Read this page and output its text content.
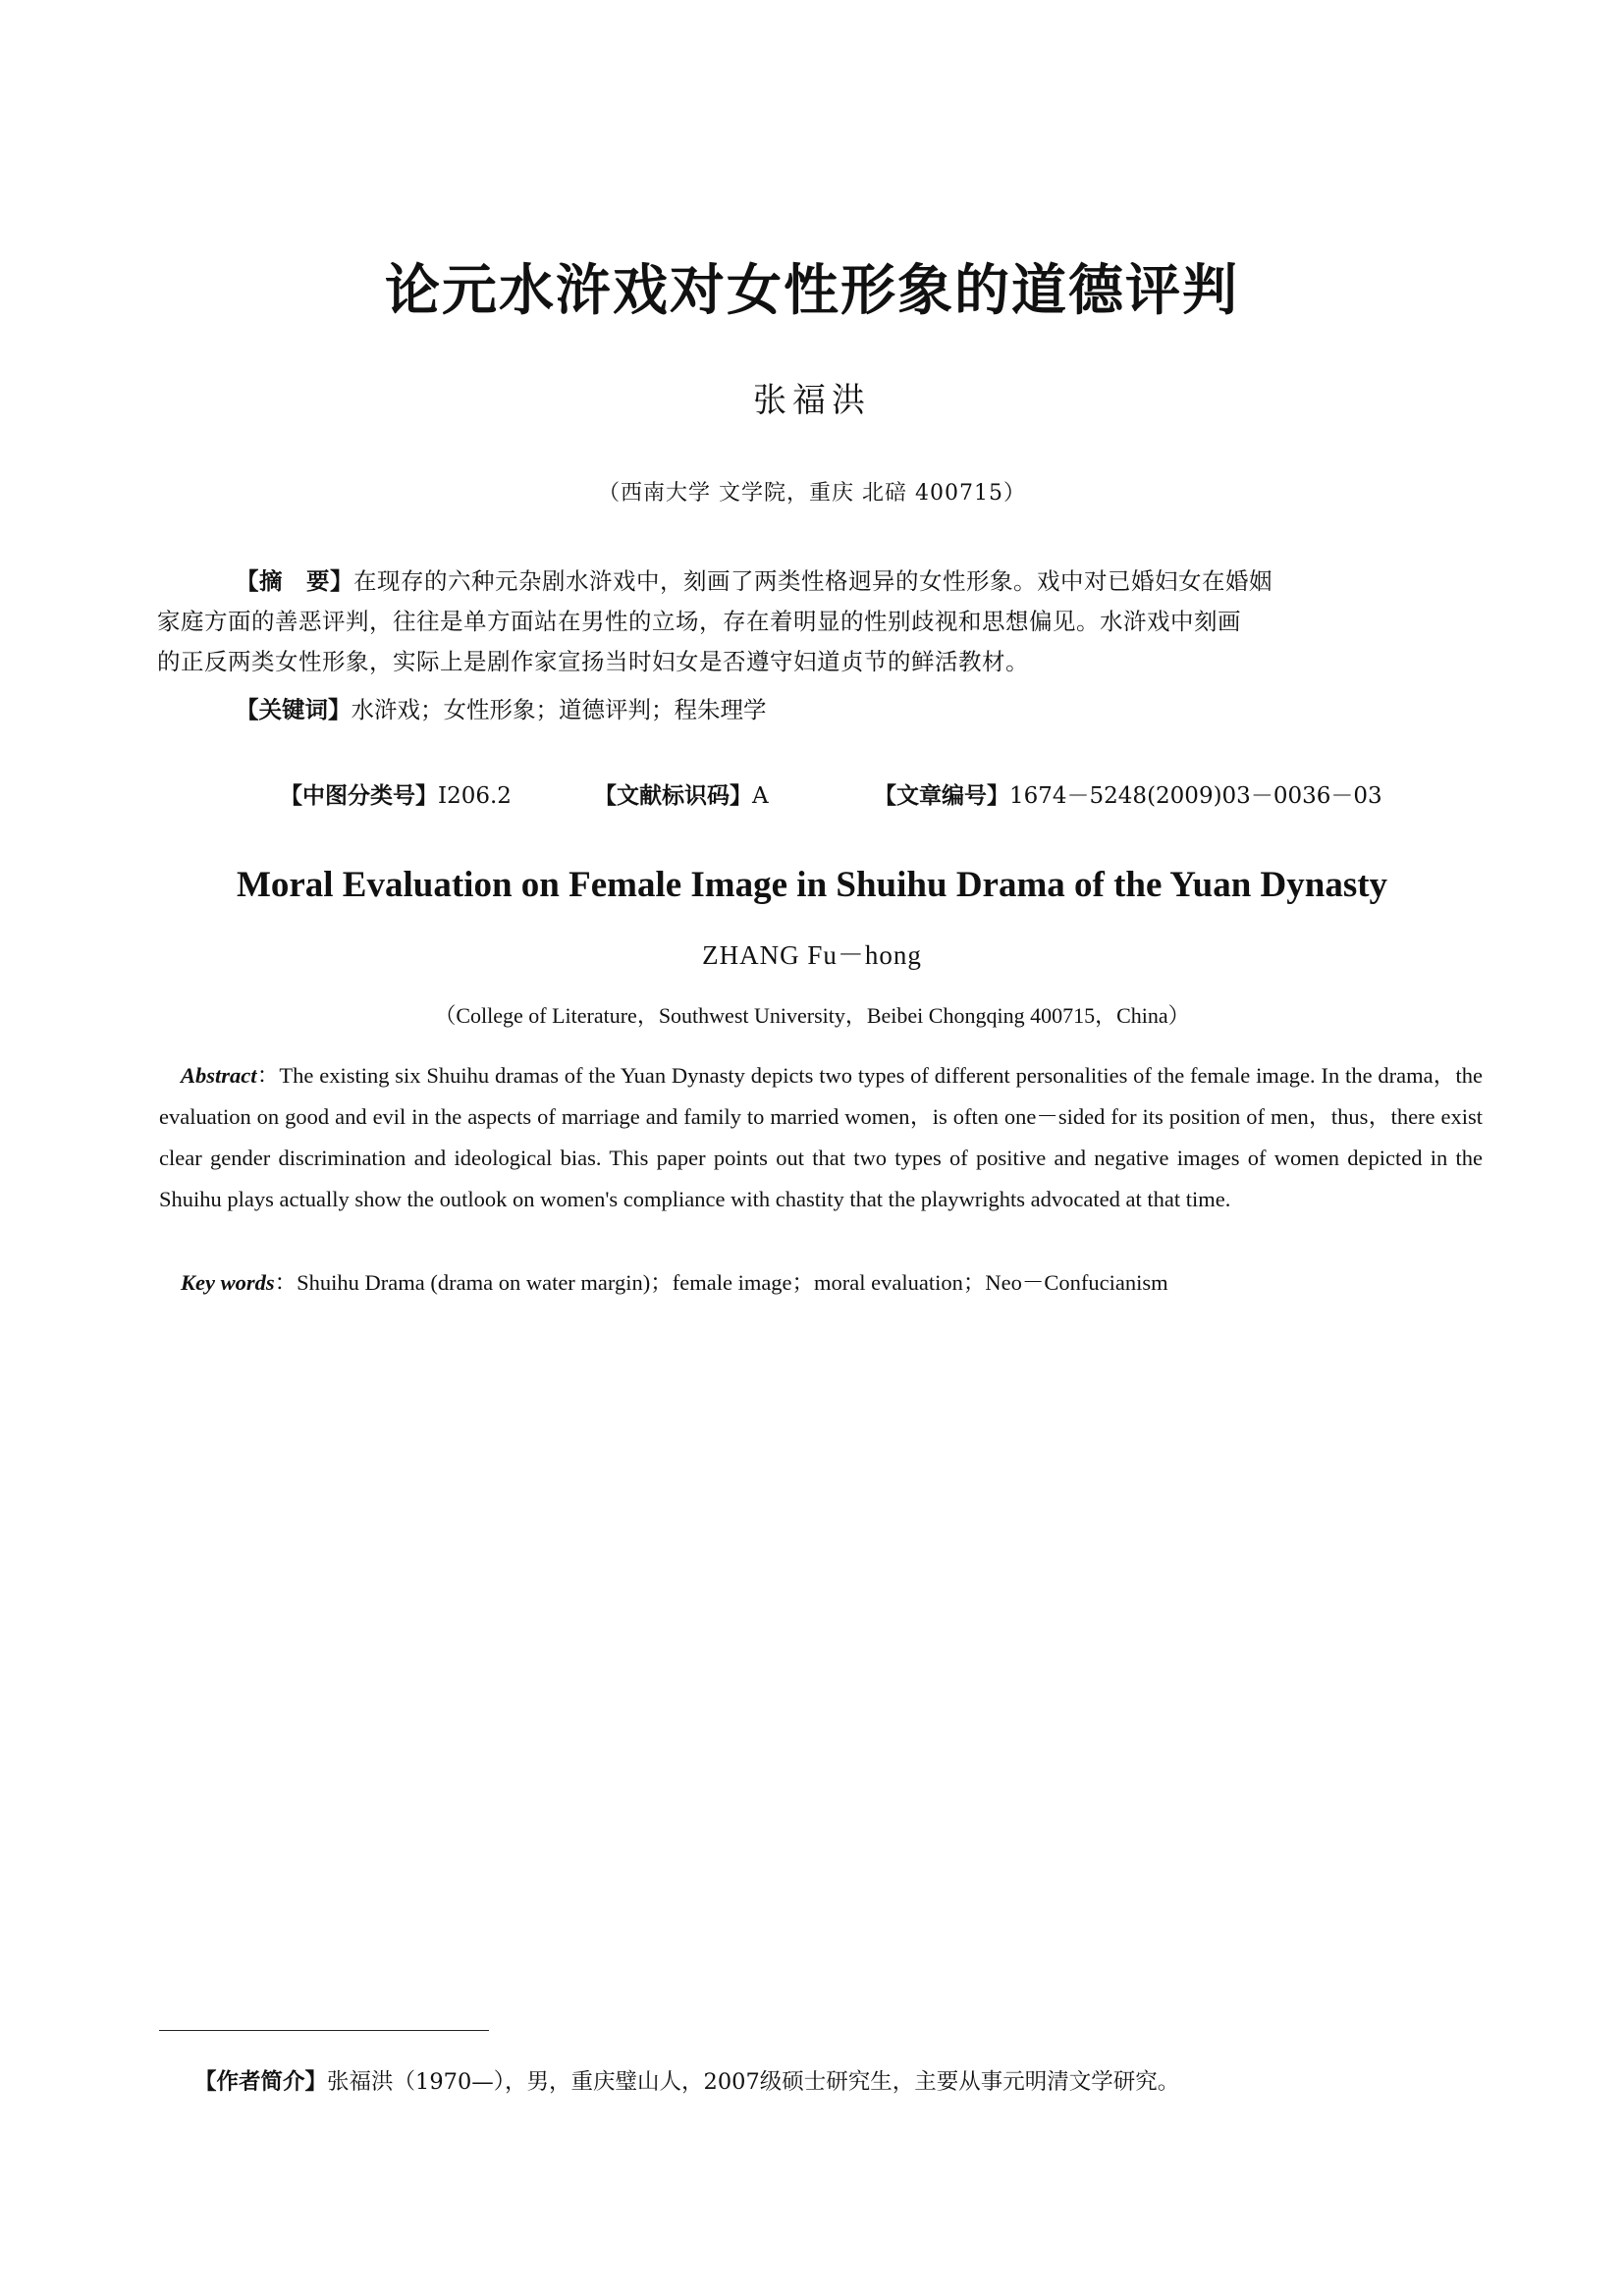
论元水浒戏对女性形象的道德评判
张福洪
（西南大学 文学院，重庆 北碚 400715）

【摘　要】在现存的六种元杂剧水浒戏中，刻画了两类性格迥异的女性形象。戏中对已婚妇女在婚姻

家庭方面的善恶评判，往往是单方面站在男性的立场，存在着明显的性别歧视和思想偏见。水浒戏中刻画

的正反两类女性形象，实际上是剧作家宣扬当时妇女是否遵守妇道贞节的鲜活教材。

【关键词】水浒戏；女性形象；道德评判；程朱理学
【中图分类号】I206.2	【文献标识码】A	【文章编号】1674－5248(2009)03－0036－03
Moral Evaluation on Female Image in Shuihu Drama of the Yuan Dynasty
ZHANG Fu－hong
（College of Literature，Southwest University，Beibei Chongqing 400715，China）

Abstract：The existing six Shuihu dramas of the Yuan Dynasty depicts two types of different personalities of the female image. In the drama，the evaluation on good and evil in the aspects of marriage and family to married women，is often one－sided for its position of men，thus，there exist clear gender discrimination and ideological bias. This paper points out that two types of positive and negative images of women depicted in the Shuihu plays actually show the outlook on women's compliance with chastity that the playwrights advocated at that time.

Key words：Shuihu Drama (drama on water margin)；female image；moral evaluation；Neo－Confucianism
【作者简介】张福洪（1970—），男，重庆璧山人，2007级硕士研究生，主要从事元明清文学研究。
